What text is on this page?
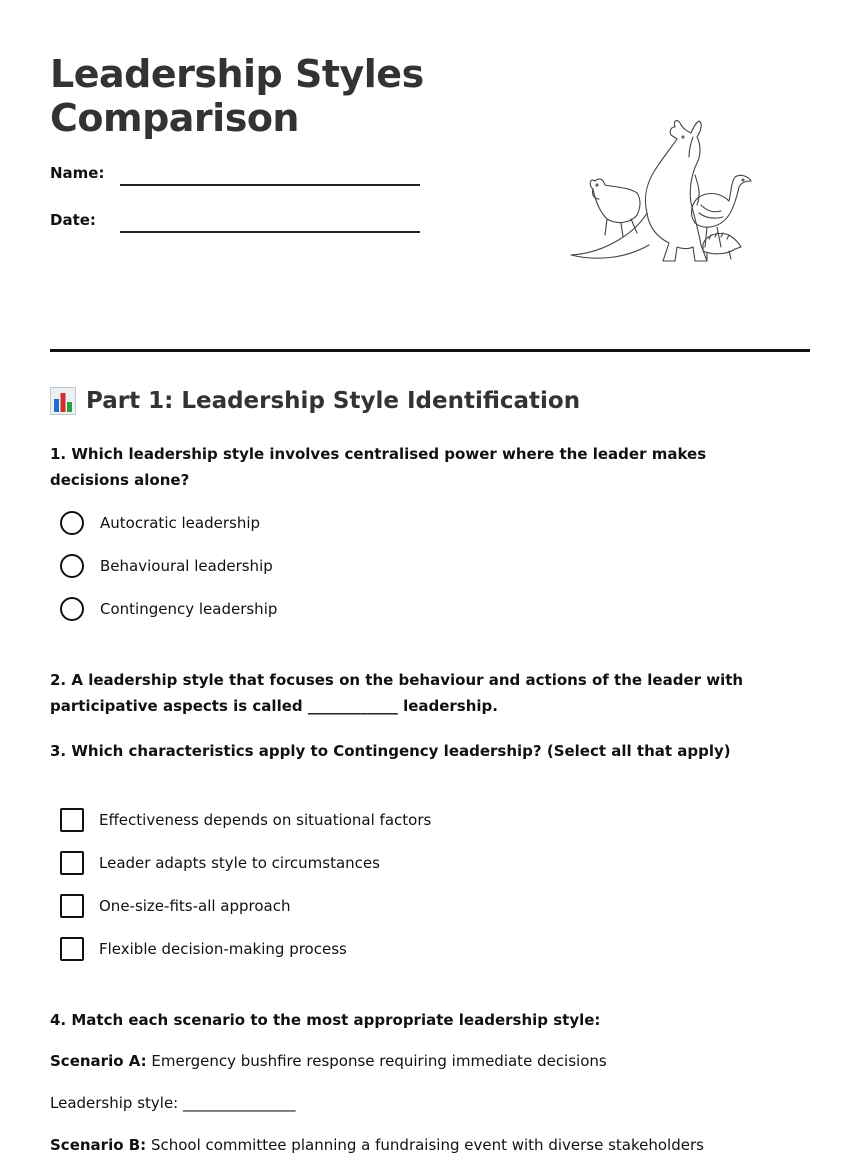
Leadership Styles Comparison
Name:
Date:
Part 1: Leadership Style Identification

1. Which leadership style involves centralised power where the leader makes decisions alone?

Autocratic leadership
Behavioural leadership
Contingency leadership

2. A leadership style that focuses on the behaviour and actions of the leader with participative aspects is called ____________ leadership.

3. Which characteristics apply to Contingency leadership? (Select all that apply)

Effectiveness depends on situational factors
Leader adapts style to circumstances
One-size-fits-all approach
Flexible decision-making process

4. Match each scenario to the most appropriate leadership style:

Scenario A: Emergency bushfire response requiring immediate decisions
Leadership style: _______________
Scenario B: School committee planning a fundraising event with diverse stakeholders
